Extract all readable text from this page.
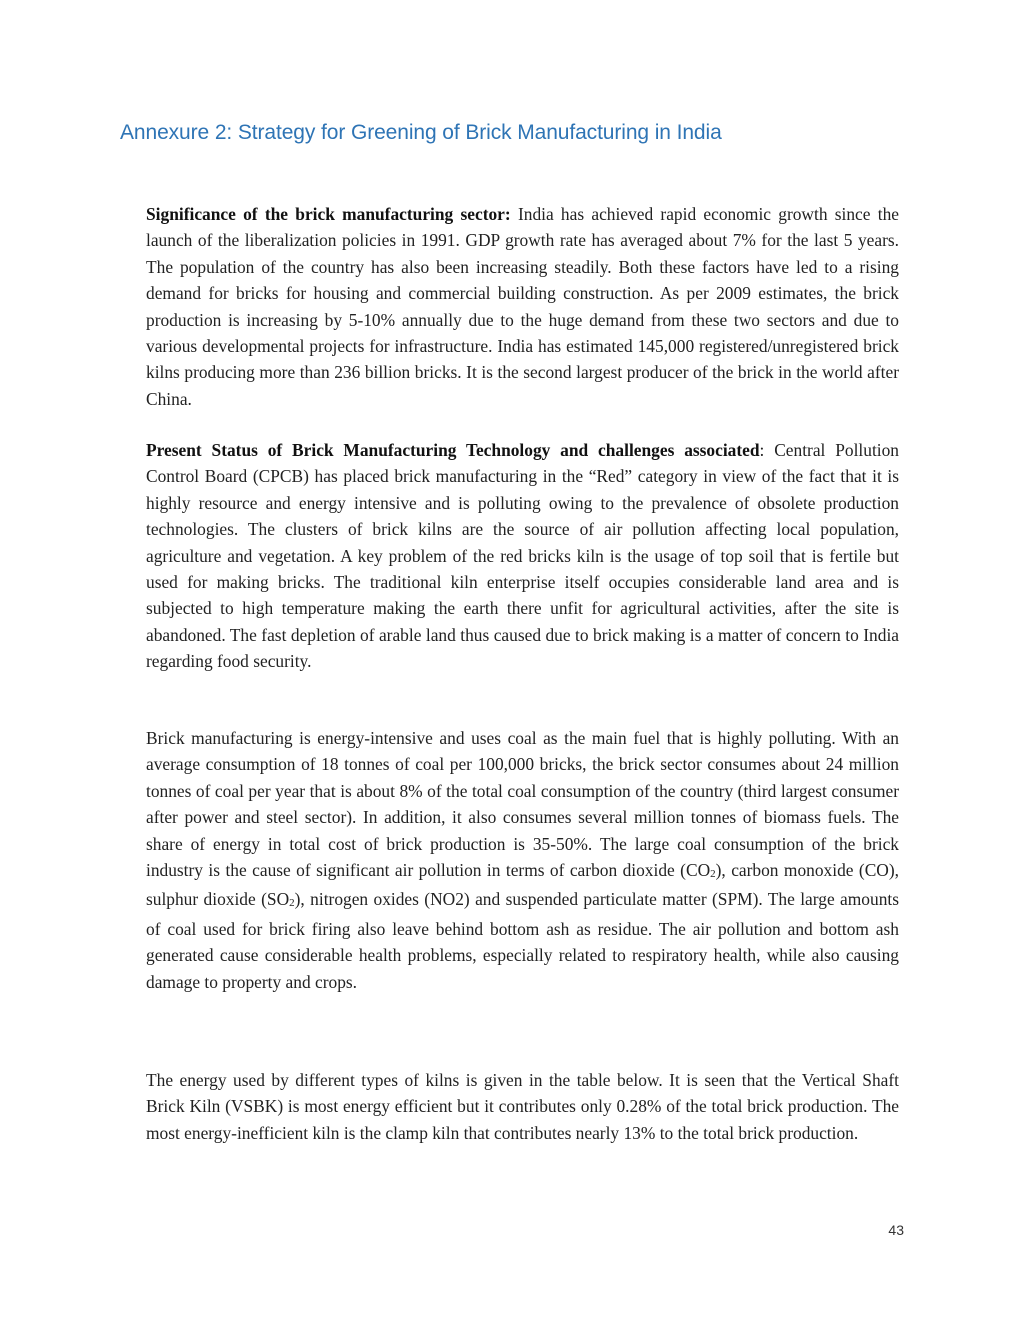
Annexure 2: Strategy for Greening of Brick Manufacturing in India

Significance of the brick manufacturing sector: India has achieved rapid economic growth since the launch of the liberalization policies in 1991. GDP growth rate has averaged about 7% for the last 5 years. The population of the country has also been increasing steadily. Both these factors have led to a rising demand for bricks for housing and commercial building construction. As per 2009 estimates, the brick production is increasing by 5-10% annually due to the huge demand from these two sectors and due to various developmental projects for infrastructure. India has estimated 145,000 registered/unregistered brick kilns producing more than 236 billion bricks. It is the second largest producer of the brick in the world after China.

Present Status of Brick Manufacturing Technology and challenges associated: Central Pollution Control Board (CPCB) has placed brick manufacturing in the “Red” category in view of the fact that it is highly resource and energy intensive and is polluting owing to the prevalence of obsolete production technologies. The clusters of brick kilns are the source of air pollution affecting local population, agriculture and vegetation. A key problem of the red bricks kiln is the usage of top soil that is fertile but used for making bricks. The traditional kiln enterprise itself occupies considerable land area and is subjected to high temperature making the earth there unfit for agricultural activities, after the site is abandoned. The fast depletion of arable land thus caused due to brick making is a matter of concern to India regarding food security.

Brick manufacturing is energy-intensive and uses coal as the main fuel that is highly polluting. With an average consumption of 18 tonnes of coal per 100,000 bricks, the brick sector consumes about 24 million tonnes of coal per year that is about 8% of the total coal consumption of the country (third largest consumer after power and steel sector). In addition, it also consumes several million tonnes of biomass fuels. The share of energy in total cost of brick production is 35-50%. The large coal consumption of the brick industry is the cause of significant air pollution in terms of carbon dioxide $(CO_2)$, carbon monoxide (CO), sulphur dioxide $(SO_2)$, nitrogen oxides (NO2) and suspended particulate matter (SPM). The large amounts of coal used for brick firing also leave behind bottom ash as residue. The air pollution and bottom ash generated cause considerable health problems, especially related to respiratory health, while also causing damage to property and crops.

The energy used by different types of kilns is given in the table below. It is seen that the Vertical Shaft Brick Kiln (VSBK) is most energy efficient but it contributes only 0.28% of the total brick production. The most energy-inefficient kiln is the clamp kiln that contributes nearly 13% to the total brick production.

43
